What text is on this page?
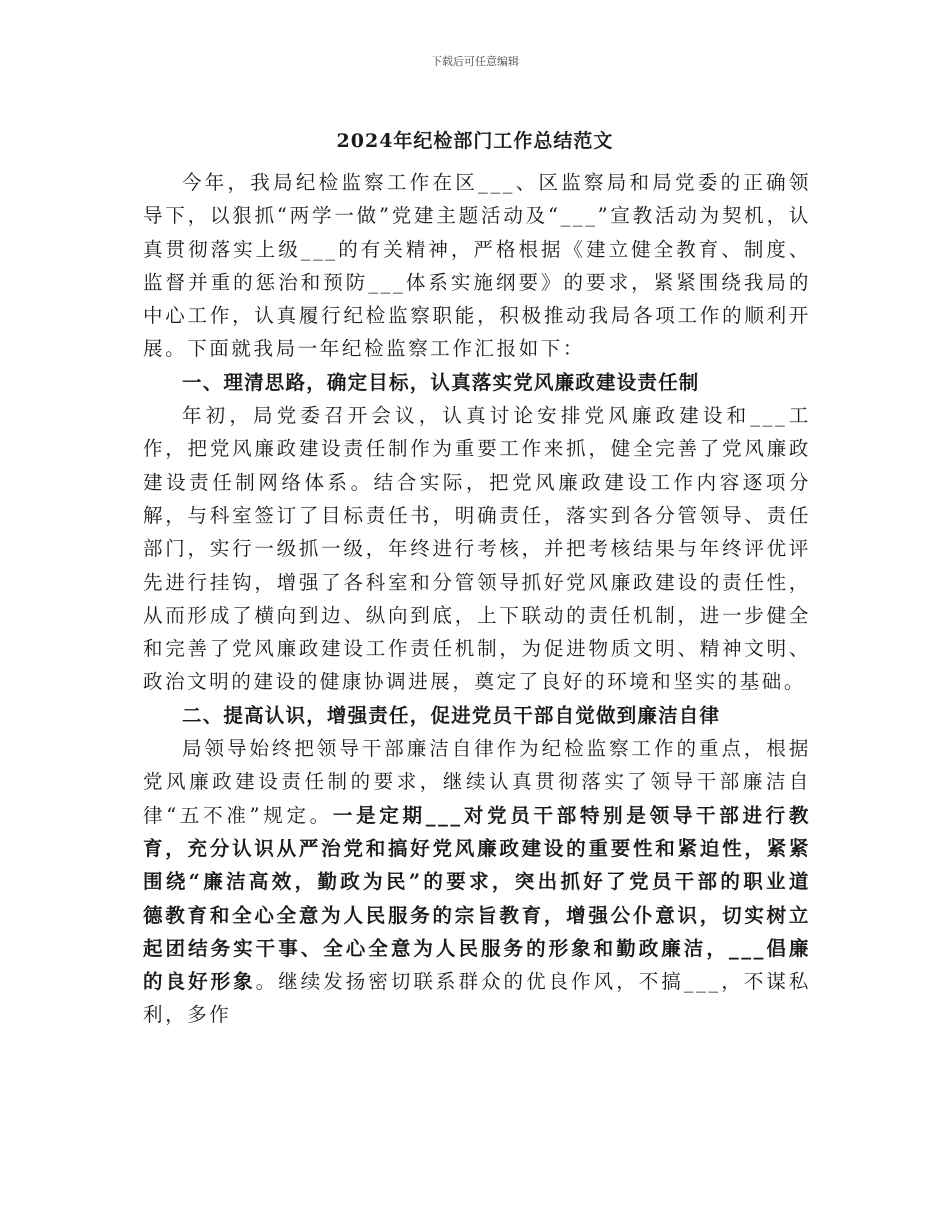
下载后可任意编辑
2024年纪检部门工作总结范文

今年，我局纪检监察工作在区___、区监察局和局党委的正确领导下，以狠抓“两学一做”党建主题活动及“___”宣教活动为契机，认真贯彻落实上级___的有关精神，严格根据《建立健全教育、制度、监督并重的惩治和预防___体系实施纲要》的要求，紧紧围绕我局的中心工作，认真履行纪检监察职能，积极推动我局各项工作的顺利开展。下面就我局一年纪检监察工作汇报如下：

一、理清思路，确定目标，认真落实党风廉政建设责任制

年初，局党委召开会议，认真讨论安排党风廉政建设和___工作，把党风廉政建设责任制作为重要工作来抓，健全完善了党风廉政建设责任制网络体系。结合实际，把党风廉政建设工作内容逐项分解，与科室签订了目标责任书，明确责任，落实到各分管领导、责任部门，实行一级抓一级，年终进行考核，并把考核结果与年终评优评先进行挂钩，增强了各科室和分管领导抓好党风廉政建设的责任性，从而形成了横向到边、纵向到底，上下联动的责任机制，进一步健全和完善了党风廉政建设工作责任机制，为促进物质文明、精神文明、政治文明的建设的健康协调进展，奠定了良好的环境和坚实的基础。

二、提高认识，增强责任，促进党员干部自觉做到廉洁自律

局领导始终把领导干部廉洁自律作为纪检监察工作的重点，根据党风廉政建设责任制的要求，继续认真贯彻落实了领导干部廉洁自律“五不准”规定。一是定期___对党员干部特别是领导干部进行教育，充分认识从严治党和搞好党风廉政建设的重要性和紧迫性，紧紧围绕“廉洁高效，勤政为民”的要求，突出抓好了党员干部的职业道德教育和全心全意为人民服务的宗旨教育，增强公仆意识，切实树立起团结务实干事、全心全意为人民服务的形象和勤政廉洁，___倡廉的良好形象。继续发扬密切联系群众的优良作风，不搞___，不谋私利，多作
